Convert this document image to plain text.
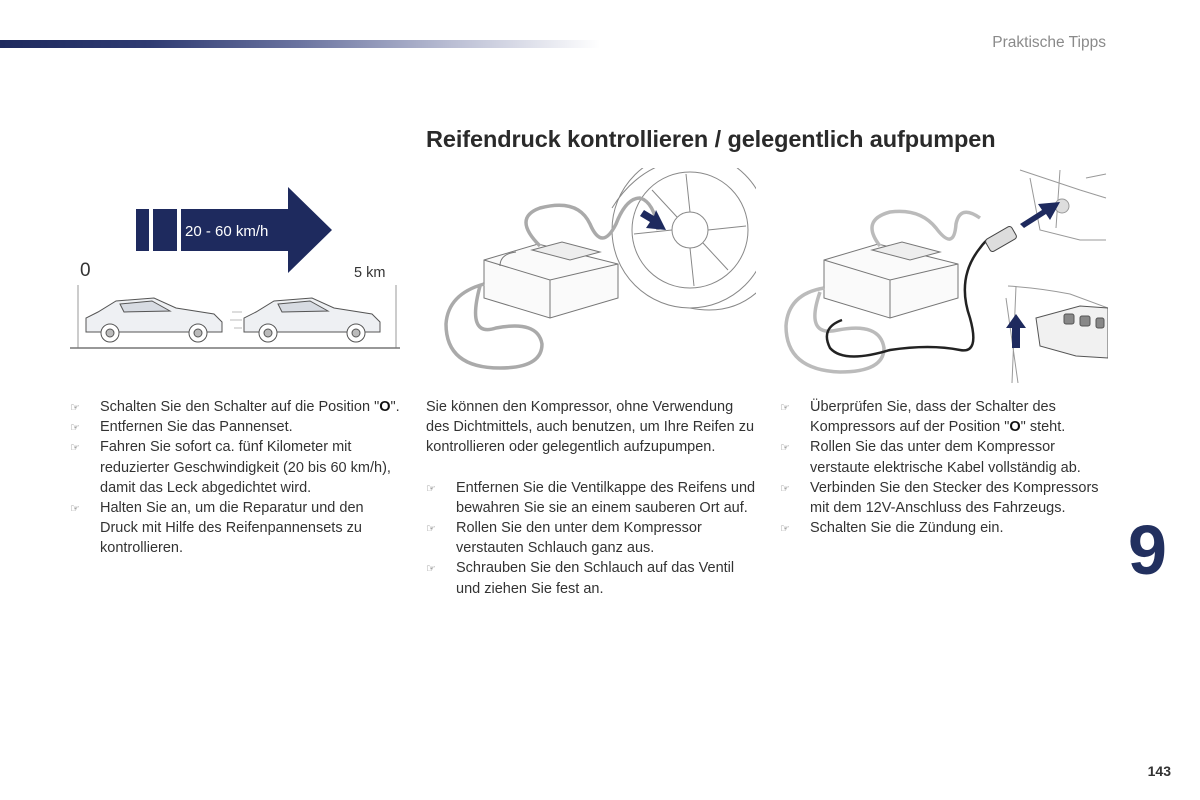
Praktische Tipps
Reifendruck kontrollieren / gelegentlich aufpumpen
20 - 60 km/h
0	5 km
☞ Schalten Sie den Schalter auf die Position "O".
☞ Entfernen Sie das Pannenset.
☞ Fahren Sie sofort ca. fünf Kilometer mit reduzierter Geschwindigkeit (20 bis 60 km/h), damit das Leck abgedichtet wird.
☞ Halten Sie an, um die Reparatur und den Druck mit Hilfe des Reifenpannensets zu kontrollieren.

Sie können den Kompressor, ohne Verwendung des Dichtmittels, auch benutzen, um Ihre Reifen zu kontrollieren oder gelegentlich aufzupumpen.

☞ Entfernen Sie die Ventilkappe des Reifens und bewahren Sie sie an einem sauberen Ort auf.
☞ Rollen Sie den unter dem Kompressor verstauten Schlauch ganz aus.
☞ Schrauben Sie den Schlauch auf das Ventil und ziehen Sie fest an.
☞ Überprüfen Sie, dass der Schalter des Kompressors auf der Position "O" steht.
☞ Rollen Sie das unter dem Kompressor verstaute elektrische Kabel vollständig ab.
☞ Verbinden Sie den Stecker des Kompressors mit dem 12V-Anschluss des Fahrzeugs.
☞ Schalten Sie die Zündung ein.	9
143
